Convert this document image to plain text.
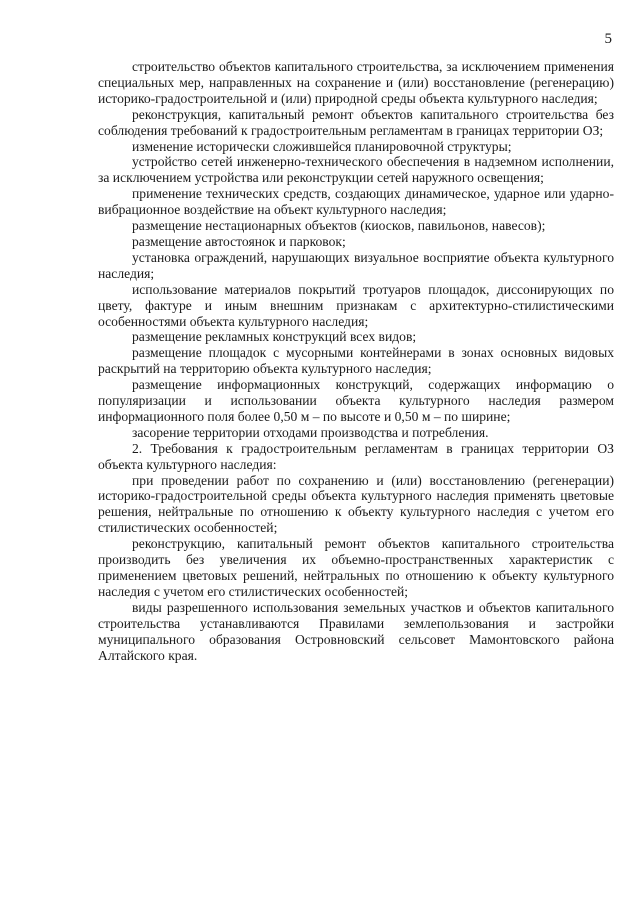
5

строительство объектов капитального строительства, за исключением применения специальных мер, направленных на сохранение и (или) восстановление (регенерацию) историко-градостроительной и (или) природной среды объекта культурного наследия;

реконструкция, капитальный ремонт объектов капитального строительства без соблюдения требований к градостроительным регламентам в границах территории ОЗ;

изменение исторически сложившейся планировочной структуры;

устройство сетей инженерно-технического обеспечения в надземном исполнении, за исключением устройства или реконструкции сетей наружного освещения;

применение технических средств, создающих динамическое, ударное или ударно-вибрационное воздействие на объект культурного наследия;

размещение нестационарных объектов (киосков, павильонов, навесов);

размещение автостоянок и парковок;

установка ограждений, нарушающих визуальное восприятие объекта культурного наследия;

использование материалов покрытий тротуаров площадок, диссонирующих по цвету, фактуре и иным внешним признакам с архитектурно-стилистическими особенностями объекта культурного наследия;

размещение рекламных конструкций всех видов;

размещение площадок с мусорными контейнерами в зонах основных видовых раскрытий на территорию объекта культурного наследия;

размещение информационных конструкций, содержащих информацию о популяризации и использовании объекта культурного наследия размером информационного поля более 0,50 м – по высоте и 0,50 м – по ширине;

засорение территории отходами производства и потребления.

2. Требования к градостроительным регламентам в границах территории ОЗ объекта культурного наследия:

при проведении работ по сохранению и (или) восстановлению (регенерации) историко-градостроительной среды объекта культурного наследия применять цветовые решения, нейтральные по отношению к объекту культурного наследия с учетом его стилистических особенностей;

реконструкцию, капитальный ремонт объектов капитального строительства производить без увеличения их объемно-пространственных характеристик с применением цветовых решений, нейтральных по отношению к объекту культурного наследия с учетом его стилистических особенностей;

виды разрешенного использования земельных участков и объектов капитального строительства устанавливаются Правилами землепользования и застройки муниципального образования Островновский сельсовет Мамонтовского района Алтайского края.
